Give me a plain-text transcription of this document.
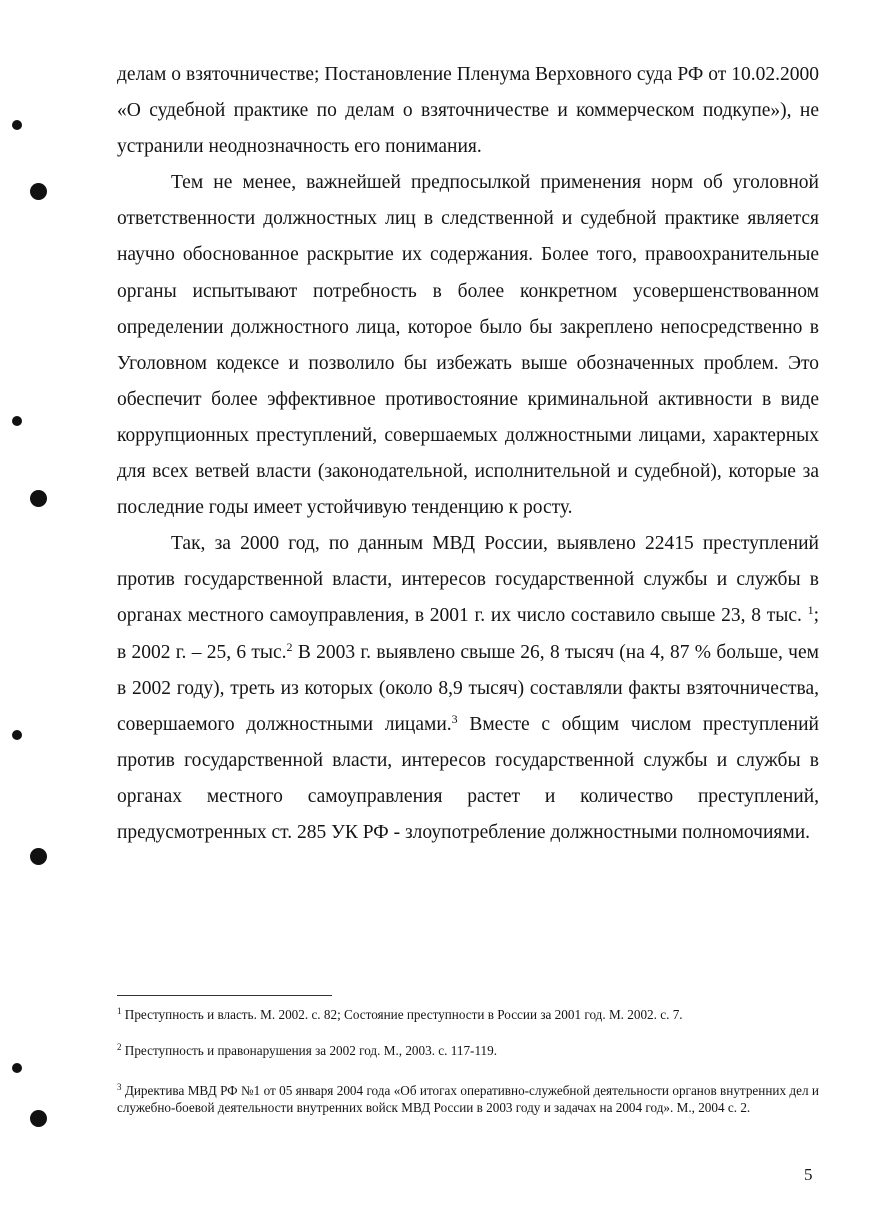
делам о взяточничестве; Постановление Пленума Верховного суда РФ от 10.02.2000 «О судебной практике по делам о взяточничестве и коммерческом подкупе»), не устранили неоднозначность его понимания.

Тем не менее, важнейшей предпосылкой применения норм об уголовной ответственности должностных лиц в следственной и судебной практике является научно обоснованное раскрытие их содержания. Более того, правоохранительные органы испытывают потребность в более конкретном усовершенствованном определении должностного лица, которое было бы закреплено непосредственно в Уголовном кодексе и позволило бы избежать выше обозначенных проблем. Это обеспечит более эффективное противостояние криминальной активности в виде коррупционных преступлений, совершаемых должностными лицами, характерных для всех ветвей власти (законодательной, исполнительной и судебной), которые за последние годы имеет устойчивую тенденцию к росту.

Так, за 2000 год, по данным МВД России, выявлено 22415 преступлений против государственной власти, интересов государственной службы и службы в органах местного самоуправления, в 2001 г. их число составило свыше 23, 8 тыс. $^1$; в 2002 г. – 25, 6 тыс.$^2$ В 2003 г. выявлено свыше 26, 8 тысяч (на 4, 87 % больше, чем в 2002 году), треть из которых (около 8,9 тысяч) составляли факты взяточничества, совершаемого должностными лицами.$^3$ Вместе с общим числом преступлений против государственной власти, интересов государственной службы и службы в органах местного самоуправления растет и количество преступлений, предусмотренных ст. 285 УК РФ - злоупотребление должностными полномочиями.

$^1$ Преступность и власть. М. 2002. с. 82; Состояние преступности в России за 2001 год. М. 2002. с. 7.
$^2$ Преступность и правонарушения за 2002 год. М., 2003. с. 117-119.
$^3$ Директива МВД РФ №1 от 05 января 2004 года «Об итогах оперативно-служебной деятельности органов внутренних дел и служебно-боевой деятельности внутренних войск МВД России в 2003 году и задачах на 2004 год». М., 2004 с. 2.
5
